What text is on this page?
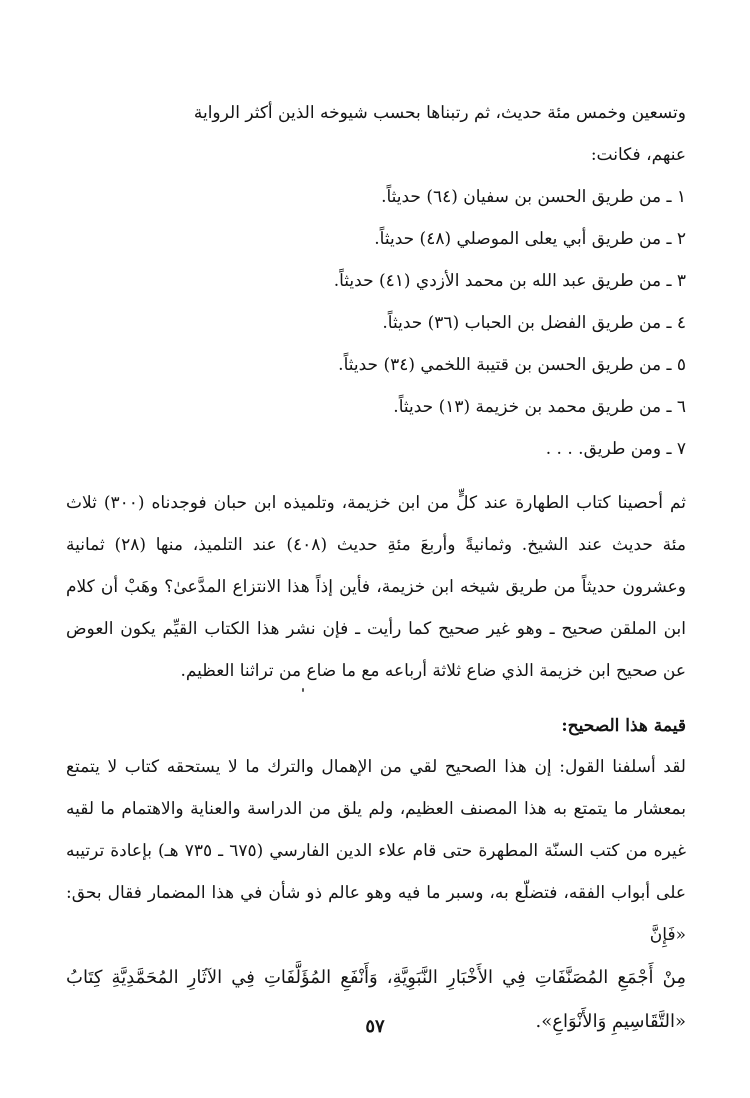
وتسعين وخمس مئة حديث، ثم رتبناها بحسب شيوخه الذين أكثر الرواية
عنهم، فكانت:

١ ـ من طريق الحسن بن سفيان (٦٤) حديثاً.
٢ ـ من طريق أبي يعلى الموصلي (٤٨) حديثاً.
٣ ـ من طريق عبد الله بن محمد الأزدي (٤١) حديثاً.
٤ ـ من طريق الفضل بن الحباب (٣٦) حديثاً.
٥ ـ من طريق الحسن بن قتيبة اللخمي (٣٤) حديثاً.
٦ ـ من طريق محمد بن خزيمة (١٣) حديثاً.
٧ ـ ومن طريق. . . .

ثم أحصينا كتاب الطهارة عند كلٍّ من ابن خزيمة، وتلميذه ابن حبان فوجدناه (٣٠٠) ثلاث مئة حديث عند الشيخ. وثمانيةً وأربعَ مئةِ حديث (٤٠٨) عند التلميذ، منها (٢٨) ثمانية وعشرون حديثاً من طريق شيخه ابن خزيمة، فأين إذاً هذا الانتزاع المدَّعىٰ؟ وهَبْ أن كلام ابن الملقن صحيح ـ وهو غير صحيح كما رأيت ـ فإن نشر هذا الكتاب القيِّم يكون العوض عن صحيح ابن خزيمة الذي ضاع ثلاثة أرباعه مع ما ضاع من تراثنا العظيم.

قيمة هذا الصحيح:

لقد أسلفنا القول: إن هذا الصحيح لقي من الإهمال والترك ما لا يستحقه كتاب لا يتمتع بمعشار ما يتمتع به هذا المصنف العظيم، ولم يلق من الدراسة والعناية والاهتمام ما لقيه غيره من كتب السنّة المطهرة حتى قام علاء الدين الفارسي (٦٧٥ ـ ٧٣٥ هـ) بإعادة ترتيبه على أبواب الفقه، فتضلّع به، وسبر ما فيه وهو عالم ذو شأن في هذا المضمار فقال بحق: «فَإِنَّ

مِنْ أَجْمَعِ المُصَنَّفَاتِ فِي الأَخْبَارِ النَّبَوِيَّةِ، وَأَنْفَعِ المُؤَلَّفَاتِ فِي الآثَارِ المُحَمَّدِيَّةِ كِتَابُ «التَّقَاسِيمِ وَالأَنْوَاعِ».

٥٧
